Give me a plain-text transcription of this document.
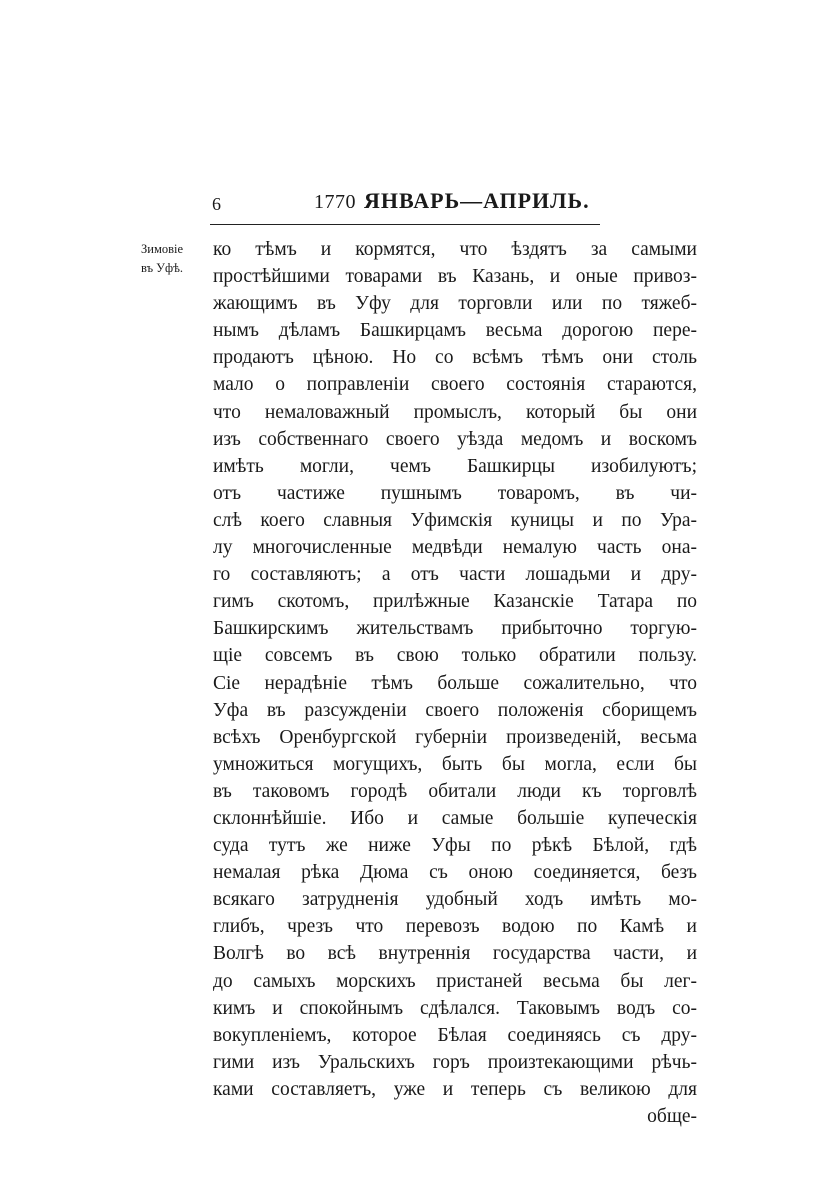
6	1770 ЯНВАРЬ—АПРИЛЬ.
Зимовiе
въ Уфѣ.
ко тѣмъ и кормятся, что ѣздятъ за самыми
простѣйшими товарами въ Казань, и оные привоз-
жающимъ въ Уфу для торговли или по тяжеб-
нымъ дѣламъ Башкирцамъ весьма дорогою пере-
продаютъ цѣною. Но со всѣмъ тѣмъ они столь
мало о поправленiи своего состоянiя стараются,
что немаловажный промыслъ, который бы они
изъ собственнаго своего уѣзда медомъ и воскомъ
имѣть могли, чемъ Башкирцы изобилуютъ;
отъ частиже пушнымъ товаромъ, въ чи-
слѣ коего славныя Уфимскiя куницы и по Ура-
лу многочисленные медвѣди немалую часть она-
го составляютъ; а отъ части лошадьми и дру-
гимъ скотомъ, прилѣжные Казанскiе Татара по
Башкирскимъ жительствамъ прибыточно торгую-
щiе совсемъ въ свою только обратили пользу.
Сiе нерадѣнiе тѣмъ больше сожалительно, что
Уфа въ разсужденiи своего положенiя сборищемъ
всѣхъ Оренбургской губернiи произведенiй, весьма
умножиться могущихъ, быть бы могла, если бы
въ таковомъ городѣ обитали люди къ торговлѣ
склоннѣйшiе. Ибо и самые большiе купеческiя
суда тутъ же ниже Уфы по рѣкѣ Бѣлой, гдѣ
немалая рѣка Дюма съ оною соединяется, безъ
всякаго затрудненiя удобный ходъ имѣть мо-
глибъ, чрезъ что перевозъ водою по Камѣ и
Волгѣ во всѣ внутреннiя государства части, и
до самыхъ морскихъ пристаней весьма бы лег-
кимъ и спокойнымъ сдѣлался. Таковымъ водъ со-
вокупленiемъ, которое Бѣлая соединяясь съ дру-
гими изъ Уральскихъ горъ произтекающими рѣчь-
ками составляетъ, уже и теперь съ великою для
обще-
